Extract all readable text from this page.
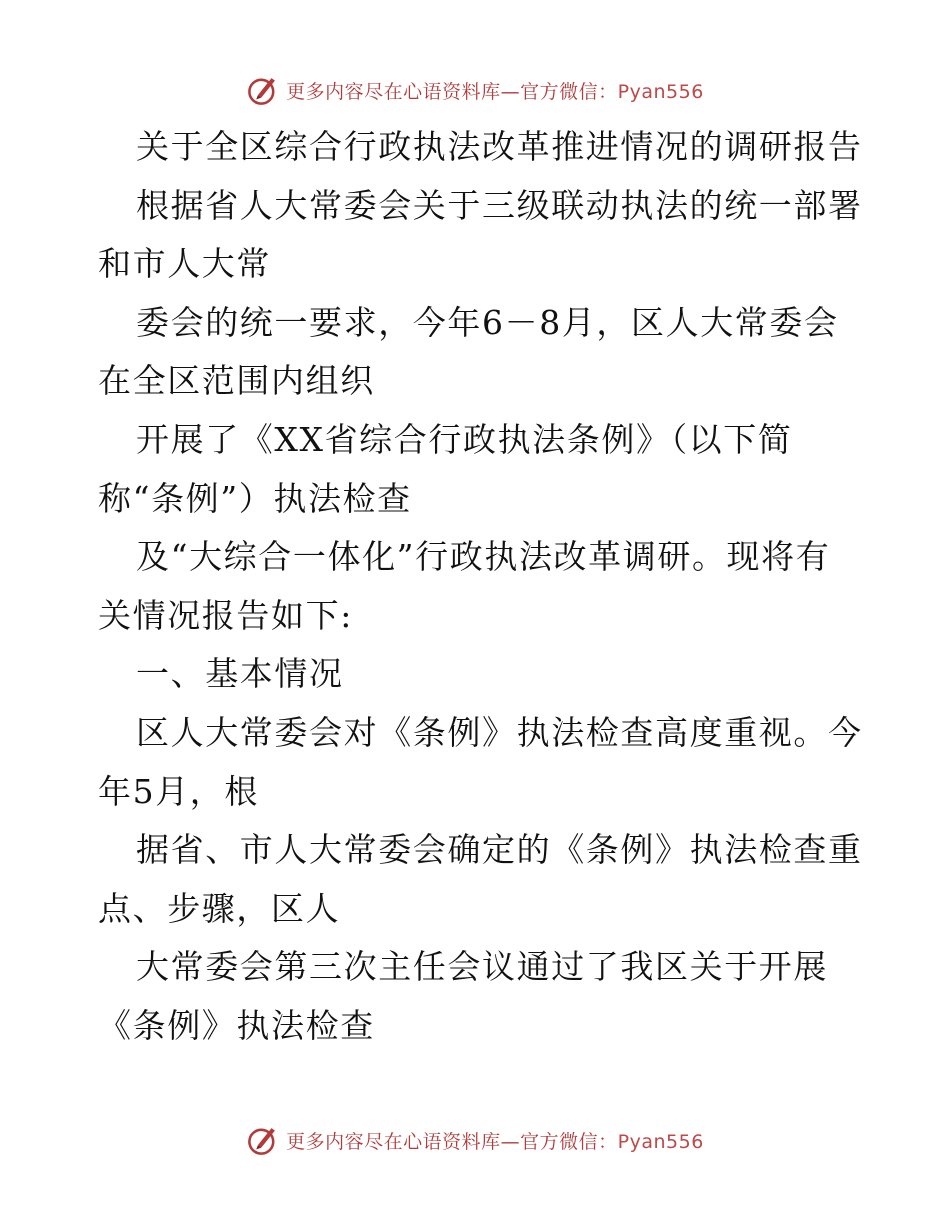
更多内容尽在心语资料库—官方微信：Pyan556
关于全区综合行政执法改革推进情况的调研报告
根据省人大常委会关于三级联动执法的统一部署
和市人大常
委会的统一要求，今年6－8月，区人大常委会
在全区范围内组织
开展了《XX省综合行政执法条例》（以下简
称“条例”）执法检查
及“大综合一体化”行政执法改革调研。现将有
关情况报告如下:
一、基本情况
区人大常委会对《条例》执法检查高度重视。今
年5月，根
据省、市人大常委会确定的《条例》执法检查重
点、步骤，区人
大常委会第三次主任会议通过了我区关于开展
《条例》执法检查
更多内容尽在心语资料库—官方微信：Pyan556
